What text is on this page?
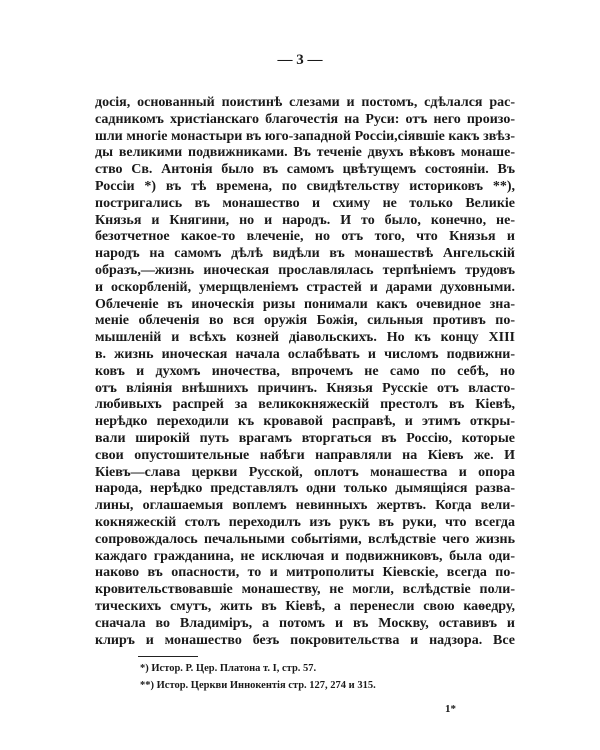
— 3 —
досія, основанный поистинѣ слезами и постомъ, сдѣлался рас-
садникомъ христіанскаго благочестія на Руси: отъ него произо-
шли многіе монастыри въ юго-западной Россіи,сіявшіе какъ звѣз-
ды великими подвижниками. Въ теченіе двухъ вѣковъ монаше-
ство Св. Антонія было въ самомъ цвѣтущемъ состояніи. Въ
Россіи *) въ тѣ времена, по свидѣтельству историковъ **),
постригались въ монашество и схиму не только Великіе
Князья и Княгини, но и народъ. И то было, конечно, не-
безотчетное какое-то влеченіе, но отъ того, что Князья и
народъ на самомъ дѣлѣ видѣли въ монашествѣ Ангельскій
образъ,—жизнь иноческая прославлялась терпѣніемъ трудовъ
и оскорбленій, умерщвленіемъ страстей и дарами духовными.
Облеченіе въ иноческія ризы понимали какъ очевидное зна-
меніе облеченія во вся оружія Божія, сильныя противъ по-
мышленій и всѣхъ козней діавольскихъ. Но къ концу XIII
в. жизнь иноческая начала ослабѣвать и числомъ подвижни-
ковъ и духомъ иночества, впрочемъ не само по себѣ, но
отъ вліянія внѣшнихъ причинъ. Князья Русскіе отъ власто-
любивыхъ распрей за великокняжескій престолъ въ Кіевѣ,
нерѣдко переходили къ кровавой расправѣ, и этимъ откры-
вали широкій путь врагамъ вторгаться въ Россію, которые
свои опустошительные набѣги направляли на Кіевъ же. И
Кіевъ—слава церкви Русской, оплотъ монашества и опора
народа, нерѣдко представлялъ одни только дымящіяся разва-
лины, оглашаемыя воплемъ невинныхъ жертвъ. Когда вели-
кокняжескій столъ переходилъ изъ рукъ въ руки, что всегда
сопровождалось печальными событіями, вслѣдствіе чего жизнь
каждаго гражданина, не исключая и подвижниковъ, была оди-
наково въ опасности, то и митрополиты Кіевскіе, всегда по-
кровительствовавшіе монашеству, не могли, вслѣдствіе поли-
тическихъ смутъ, жить въ Кіевѣ, а перенесли свою каѳедру,
сначала во Владиміръ, а потомъ и въ Москву, оставивъ и
клиръ и монашество безъ покровительства и надзора. Все
*) Истор. Р. Цер. Платона т. I, стр. 57.
**) Истор. Церкви Иннокентія стр. 127, 274 и 315.
1*
